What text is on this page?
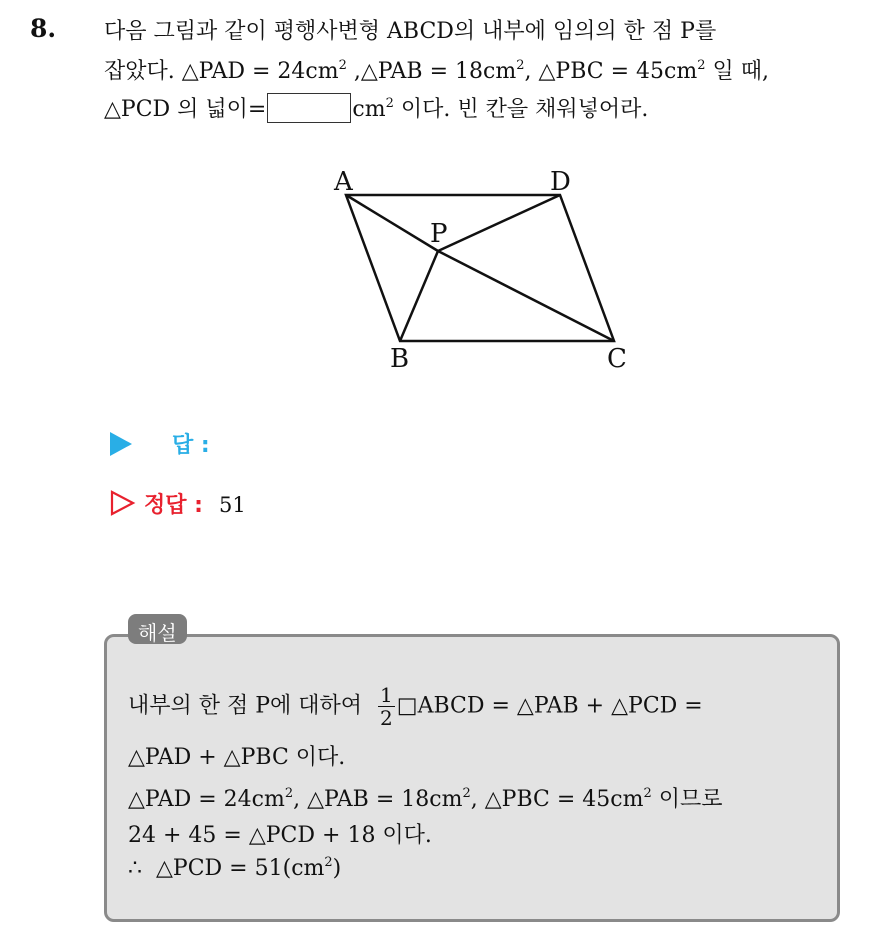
8. 다음 그림과 같이 평행사변형 ABCD의 내부에 임의의 한 점 P를
잡았다. △PAD = $24cm^2$ ,△PAB = $18cm^2$, △PBC = $45cm^2$ 일 때,
△PCD 의 넓이=	$cm^2$ 이다. 빈 칸을 채워넣어라.
A	D
P
B	C
답 :
정답 : 51
해설
내부의 한 점 P에 대하여 $\frac{1}{2}$ □ABCD = △PAB + △PCD =
△PAD + △PBC 이다.
△PAD = $24cm^2$, △PAB = $18cm^2$, △PBC = $45cm^2$ 이므로
24 + 45 = △PCD + 18 이다.
∴ △PCD = $51(cm^2)$
